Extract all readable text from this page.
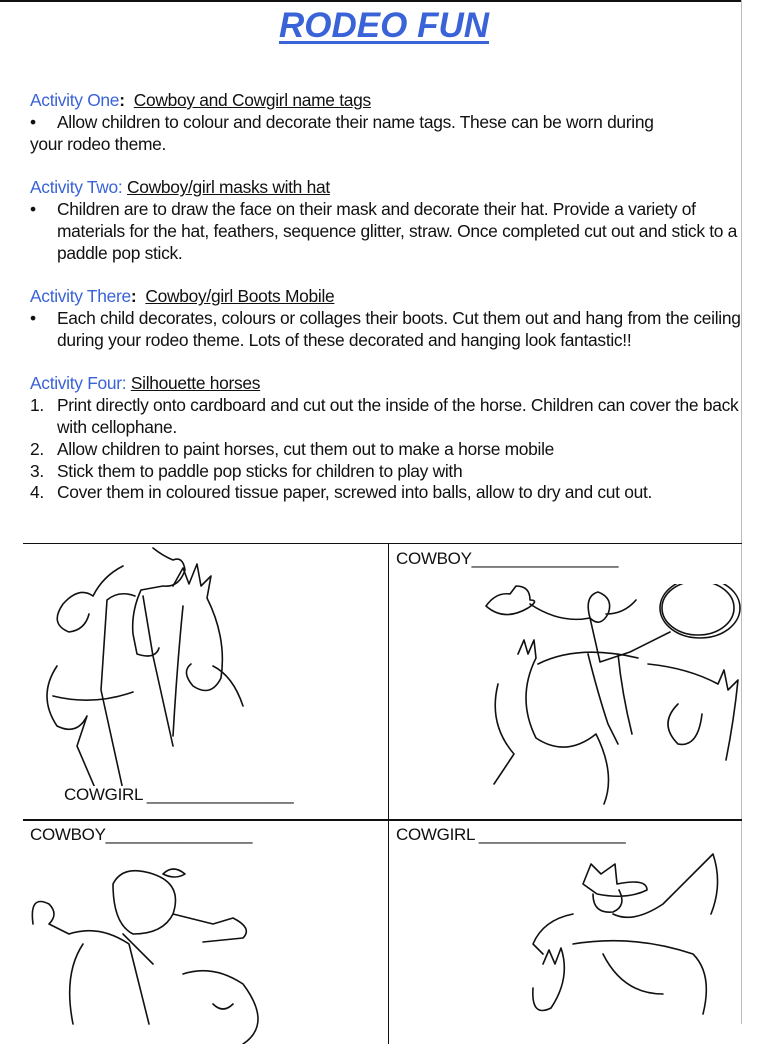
RODEO FUN
Activity One:  Cowboy and Cowgirl name tags
• Allow children to colour and decorate their name tags. These can be worn during
your rodeo theme.
Activity Two: Cowboy/girl masks with hat
• Children are to draw the face on their mask and decorate their hat. Provide a variety of materials for the hat, feathers, sequence glitter, straw. Once completed cut out and stick to a paddle pop stick.
Activity There:  Cowboy/girl Boots Mobile
• Each child decorates, colours or collages their boots. Cut them out and hang from the ceiling during your rodeo theme. Lots of these decorated and hanging look fantastic!!
Activity Four: Silhouette horses
1. Print directly onto cardboard and cut out the inside of the horse. Children can cover the back with cellophane.
2. Allow children to paint horses, cut them out to make a horse mobile
3. Stick them to paddle pop sticks for children to play with
4. Cover them in coloured tissue paper, screwed into balls, allow to dry and cut out.
COWGIRL ________________
COWBOY________________
COWBOY________________	COWGIRL ________________
